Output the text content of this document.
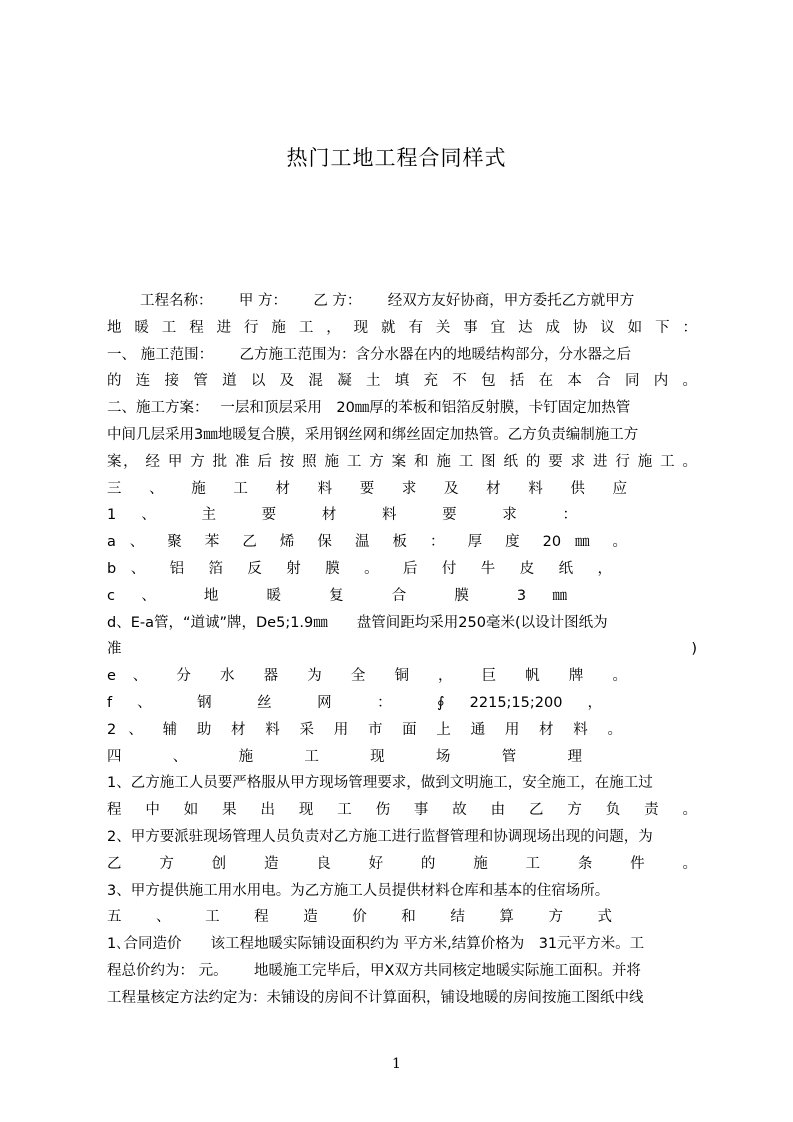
热门工地工程合同样式
工程名称：　　 甲 方：　　 乙 方：　　 经双方友好协商，甲方委托乙方就甲方
地 暖 工 程 进 行 施 工 ， 现 就 有 关 事 宜 达 成 协 议 如 下 ：
一、 施工范围：　　 乙方施工范围为：含分水器在内的地暖结构部分，分水器之后
的 连 接 管 道 以 及 混 凝 土 填 充 不 包 括 在 本 合 同 内 。
二、施工方案：　 一层和顶层采用　20㎜厚的苯板和铝箔反射膜，卡钉固定加热管
中间几层采用3㎜地暖复合膜，采用钢丝网和绑丝固定加热管。乙方负责编制施工方
案， 经 甲 方 批 准 后 按 照 施 工 方 案 和 施 工 图 纸 的 要 求 进 行 施 工 。
三 、 施 工 材 料 要 求 及 材 料 供 应
1 、 主 要 材 料 要 求 ：
a 、 聚 苯 乙 烯 保 温 板 ： 厚 度 20 ㎜ 。
b 、 铝 箔 反 射 膜 。 后 付 牛 皮 纸 ，
c 、 地 暖 复 合 膜 3 ㎜
d、E-a管，“道诚”牌，De5;1.9㎜　　盘管间距均采用250毫米(以设计图纸为
准	)
e 、 分 水 器 为 全 铜 ， 巨 帆 牌 。
f 、 钢 丝 网 ： ∮ 2215;15;200 ，
2 、 辅 助 材 料 采 用 市 面 上 通 用 材 料 。
四 、 施 工 现 场 管 理
1、乙方施工人员要严格服从甲方现场管理要求，做到文明施工，安全施工，在施工过
程 中 如 果 出 现 工 伤 事 故 由 乙 方 负 责 。
2、甲方要派驻现场管理人员负责对乙方施工进行监督管理和协调现场出现的问题，为
乙 方 创 造 良 好 的 施 工 条 件 。
3、甲方提供施工用水用电。为乙方施工人员提供材料仓库和基本的住宿场所。
五 、 工 程 造 价 和 结 算 方 式
1､合同造价　　该工程地暖实际铺设面积约为 平方米,结算价格为　31元平方米。工
程总价约为： 元。　　 地暖施工完毕后，甲X双方共同核定地暖实际施工面积。并将
工程量核定方法约定为：未铺设的房间不计算面积，铺设地暖的房间按施工图纸中线
1
